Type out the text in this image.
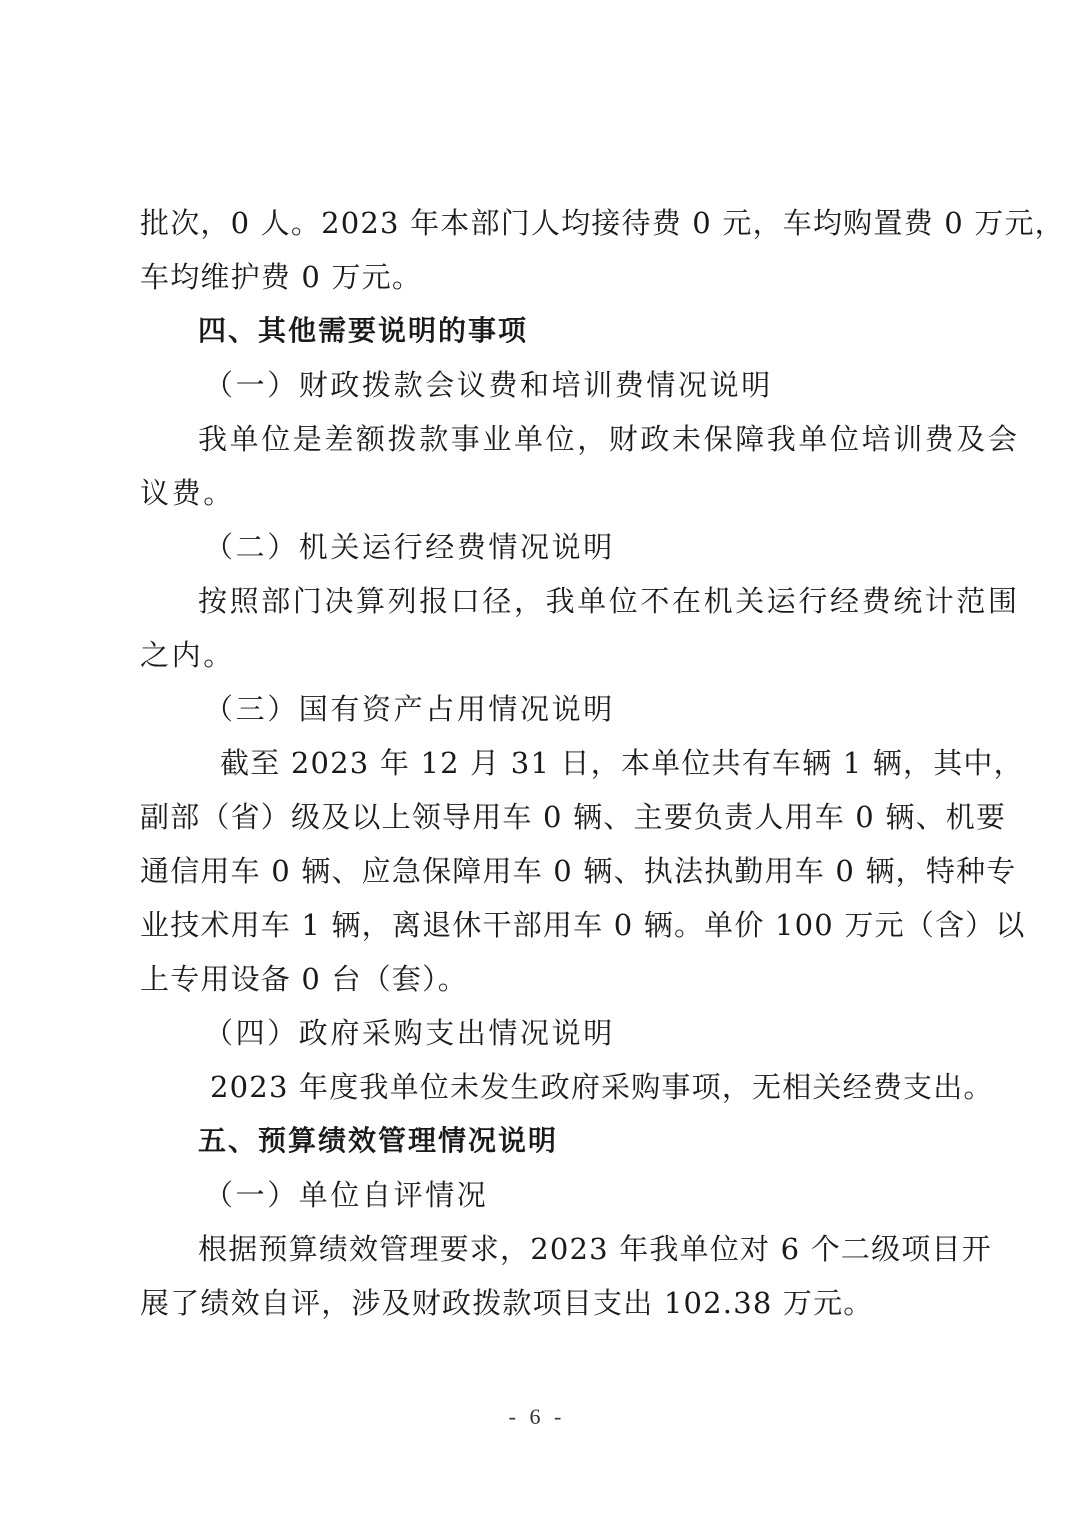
批次，0 人。2023 年本部门人均接待费 0 元，车均购置费 0 万元，
车均维护费 0 万元。
四、其他需要说明的事项
（一）财政拨款会议费和培训费情况说明
我单位是差额拨款事业单位，财政未保障我单位培训费及会
议费。
（二）机关运行经费情况说明
按照部门决算列报口径，我单位不在机关运行经费统计范围
之内。
（三）国有资产占用情况说明
截至 2023 年 12 月 31 日，本单位共有车辆 1 辆，其中，
副部（省）级及以上领导用车 0 辆、主要负责人用车 0 辆、机要
通信用车 0 辆、应急保障用车 0 辆、执法执勤用车 0 辆，特种专
业技术用车 1 辆，离退休干部用车 0 辆。单价 100 万元（含）以
上专用设备 0 台（套）。
（四）政府采购支出情况说明
2023 年度我单位未发生政府采购事项，无相关经费支出。
五、预算绩效管理情况说明
（一）单位自评情况
根据预算绩效管理要求，2023 年我单位对 6 个二级项目开
展了绩效自评，涉及财政拨款项目支出 102.38 万元。
- 6 -
